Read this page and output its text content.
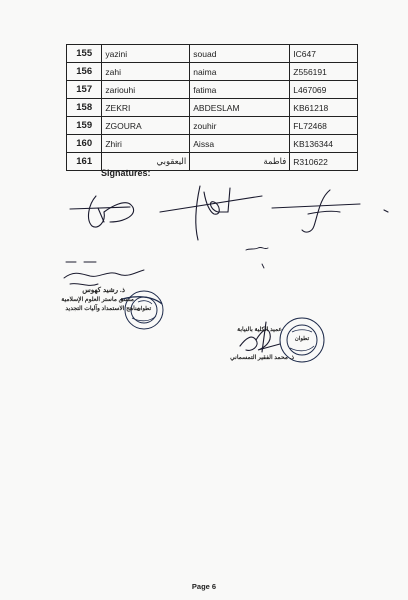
155	yazini	souad	IC647
156	zahi	naima	Z556191
157	zariouhi	fatima	L467069
158	ZEKRI	ABDESLAM	KB61218
159	ZGOURA	zouhir	FL72468
160	Zhiri	Aissa	KB136344
161	اليعقوبي	فاطمة	R310622
Signatures:
ذ. رشيد كهوس
منسق ماستر العلوم الإسلامية
مناهج الاستمداد وآليات التجديد
تطوان
عميد الكلية بالنيابة
ذ. محمد الفقير التمسماني
تطوان
Page 6
